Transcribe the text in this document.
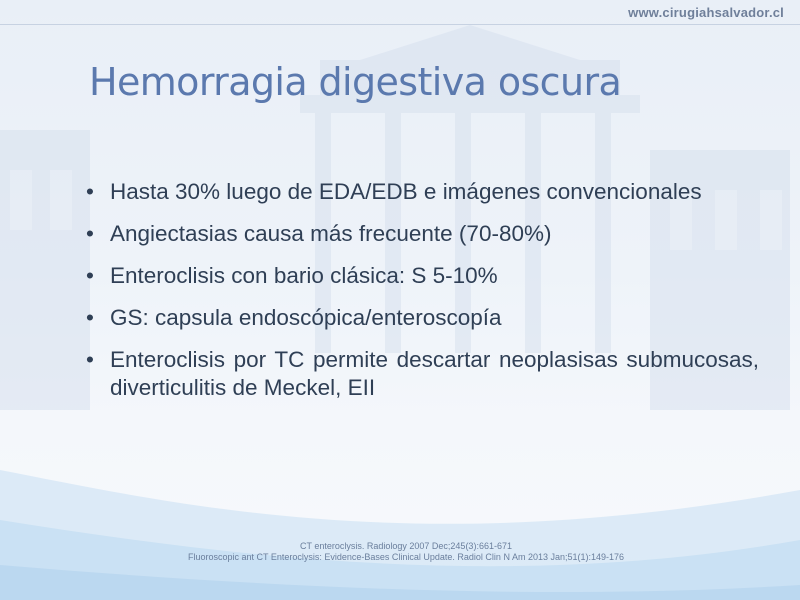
www.cirugiahsalvador.cl
Hemorragia digestiva oscura
• Hasta 30% luego de EDA/EDB e imágenes convencionales
• Angiectasias causa más frecuente (70-80%)
• Enteroclisis con bario clásica: S 5-10%
• GS: capsula endoscópica/enteroscopía
• Enteroclisis por TC permite descartar neoplasisas submucosas, diverticulitis de Meckel, EII
CT enteroclysis. Radiology 2007 Dec;245(3):661-671
Fluoroscopic ant CT Enteroclysis: Evidence-Bases Clinical Update. Radiol Clin N Am 2013 Jan;51(1):149-176
